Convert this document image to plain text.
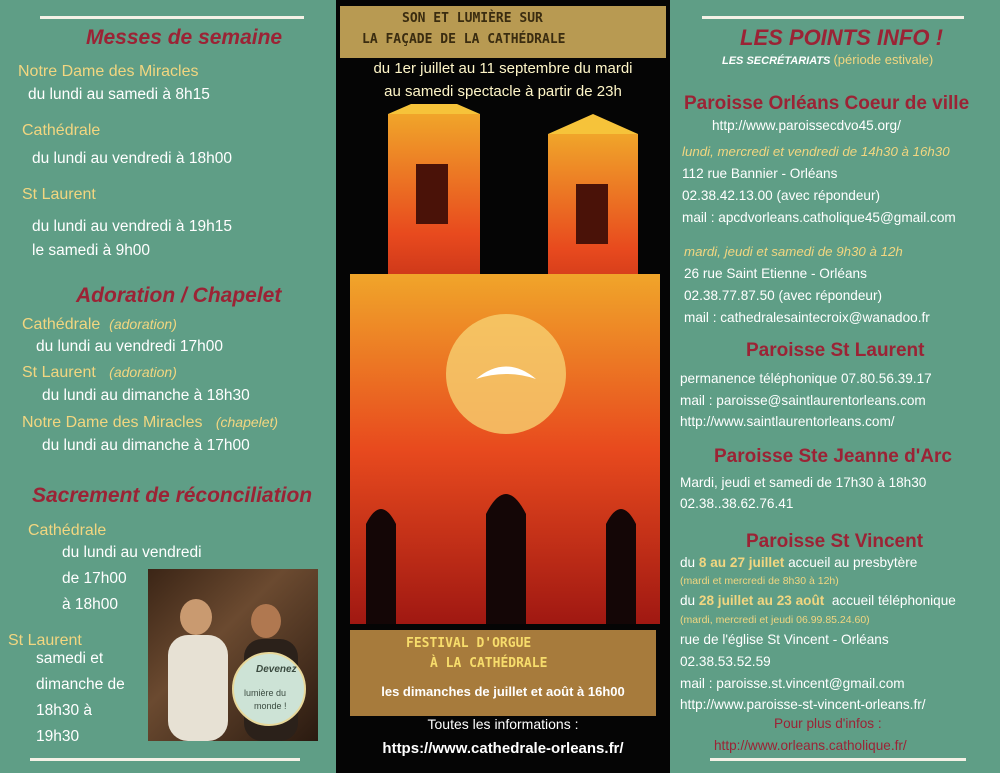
Messes de semaine
Notre Dame des Miracles
du lundi au samedi à 8h15
Cathédrale
du lundi au vendredi à 18h00
St Laurent
du lundi au vendredi à 19h15
le samedi à 9h00
Adoration / Chapelet
Cathédrale (adoration)
du lundi au vendredi 17h00
St Laurent (adoration)
du lundi au dimanche à 18h30
Notre Dame des Miracles (chapelet)
du lundi au dimanche à 17h00
Sacrement de réconciliation
Cathédrale
du lundi au vendredi
de 17h00
à 18h00
St Laurent
samedi et
dimanche de
18h30 à
19h30
Devenez
lumière du
monde !
SON ET LUMIÈRE SUR
LA FAÇADE DE LA CATHÉDRALE
du 1er juillet au 11 septembre du mardi
au samedi spectacle à partir de 23h
FESTIVAL D'ORGUE
À LA CATHÉDRALE
les dimanches de juillet et août à 16h00
Toutes les informations :
https://www.cathedrale-orleans.fr/
LES POINTS INFO !
LES SECRÉTARIATS (période estivale)
Paroisse Orléans Coeur de ville
http://www.paroissecdvo45.org/
lundi, mercredi et vendredi de 14h30 à 16h30
112 rue Bannier - Orléans
02.38.42.13.00 (avec répondeur)
mail : apcdvorleans.catholique45@gmail.com
mardi, jeudi et samedi de 9h30 à 12h
26 rue Saint Etienne - Orléans
02.38.77.87.50 (avec répondeur)
mail : cathedralesaintecroix@wanadoo.fr
Paroisse St Laurent
permanence téléphonique 07.80.56.39.17
mail : paroisse@saintlaurentorleans.com
http://www.saintlaurentorleans.com/
Paroisse Ste Jeanne d'Arc
Mardi, jeudi et samedi de 17h30 à 18h30
02.38..38.62.76.41
Paroisse St Vincent
du 8 au 27 juillet accueil au presbytère
(mardi et mercredi de 8h30 à 12h)
du 28 juillet au 23 août accueil téléphonique
(mardi, mercredi et jeudi 06.99.85.24.60)
rue de l'église St Vincent - Orléans
02.38.53.52.59
mail : paroisse.st.vincent@gmail.com
http://www.paroisse-st-vincent-orleans.fr/
Pour plus d'infos :
http://www.orleans.catholique.fr/
